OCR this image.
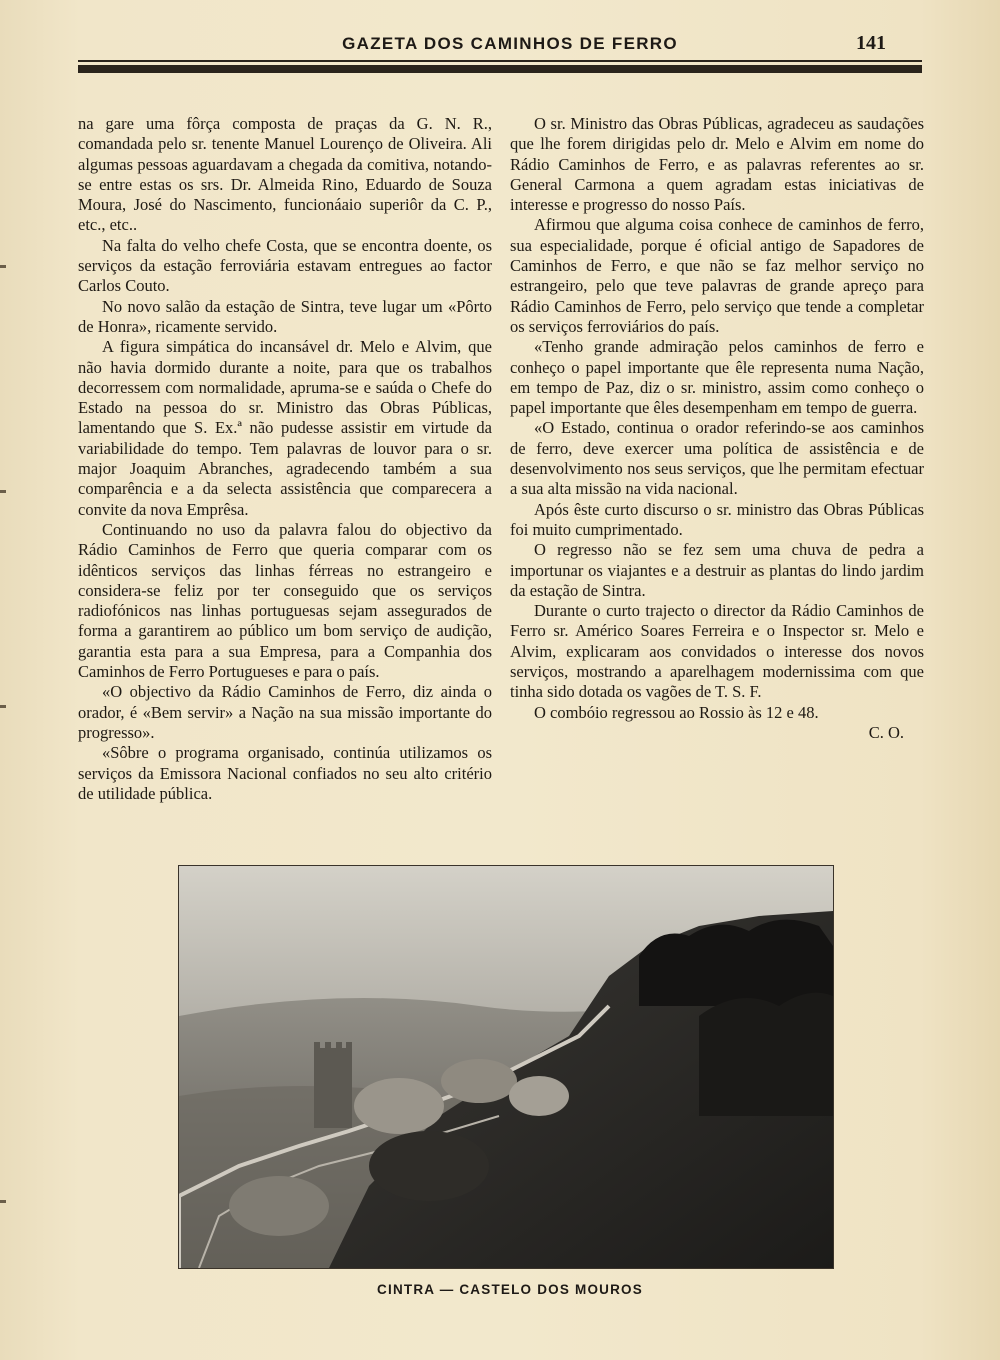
GAZETA DOS CAMINHOS DE FERRO	141

na gare uma fôrça composta de praças da G. N. R., comandada pelo sr. tenente Manuel Lourenço de Oliveira. Ali algumas pessoas aguardavam a chegada da comitiva, notando-se entre estas os srs. Dr. Almeida Rino, Eduardo de Souza Moura, José do Nascimento, funcionáaio superiôr da C. P., etc., etc..

Na falta do velho chefe Costa, que se encontra doente, os serviços da estação ferroviária estavam entregues ao factor Carlos Couto.

No novo salão da estação de Sintra, teve lugar um «Pôrto de Honra», ricamente servido.

A figura simpática do incansável dr. Melo e Alvim, que não havia dormido durante a noite, para que os trabalhos decorressem com normalidade, apruma-se e saúda o Chefe do Estado na pessoa do sr. Ministro das Obras Públicas, lamentando que S. Ex.ª não pudesse assistir em virtude da variabilidade do tempo. Tem palavras de louvor para o sr. major Joaquim Abranches, agradecendo também a sua comparência e a da selecta assistência que comparecera a convite da nova Emprêsa.

Continuando no uso da palavra falou do objectivo da Rádio Caminhos de Ferro que queria comparar com os idênticos serviços das linhas férreas no estrangeiro e considera-se feliz por ter conseguido que os serviços radiofónicos nas linhas portuguesas sejam assegurados de forma a garantirem ao público um bom serviço de audição, garantia esta para a sua Empresa, para a Companhia dos Caminhos de Ferro Portugueses e para o país.

«O objectivo da Rádio Caminhos de Ferro, diz ainda o orador, é «Bem servir» a Nação na sua missão importante do progresso».

«Sôbre o programa organisado, continúa utilizamos os serviços da Emissora Nacional confiados no seu alto critério de utilidade pública.

O sr. Ministro das Obras Públicas, agradeceu as saudações que lhe forem dirigidas pelo dr. Melo e Alvim em nome do Rádio Caminhos de Ferro, e as palavras referentes ao sr. General Carmona a quem agradam estas iniciativas de interesse e progresso do nosso País.

Afirmou que alguma coisa conhece de caminhos de ferro, sua especialidade, porque é oficial antigo de Sapadores de Caminhos de Ferro, e que não se faz melhor serviço no estrangeiro, pelo que teve palavras de grande apreço para Rádio Caminhos de Ferro, pelo serviço que tende a completar os serviços ferroviários do país.

«Tenho grande admiração pelos caminhos de ferro e conheço o papel importante que êle representa numa Nação, em tempo de Paz, diz o sr. ministro, assim como conheço o papel importante que êles desempenham em tempo de guerra.

«O Estado, continua o orador referindo-se aos caminhos de ferro, deve exercer uma política de assistência e de desenvolvimento nos seus serviços, que lhe permitam efectuar a sua alta missão na vida nacional.

Após êste curto discurso o sr. ministro das Obras Públicas foi muito cumprimentado.

O regresso não se fez sem uma chuva de pedra a importunar os viajantes e a destruir as plantas do lindo jardim da estação de Sintra.

Durante o curto trajecto o director da Rádio Caminhos de Ferro sr. Américo Soares Ferreira e o Inspector sr. Melo e Alvim, explicaram aos convidados o interesse dos novos serviços, mostrando a aparelhagem modernissima com que tinha sido dotada os vagões de T. S. F.

O combóio regressou ao Rossio às 12 e 48.

C. O.

CINTRA — CASTELO DOS MOUROS
